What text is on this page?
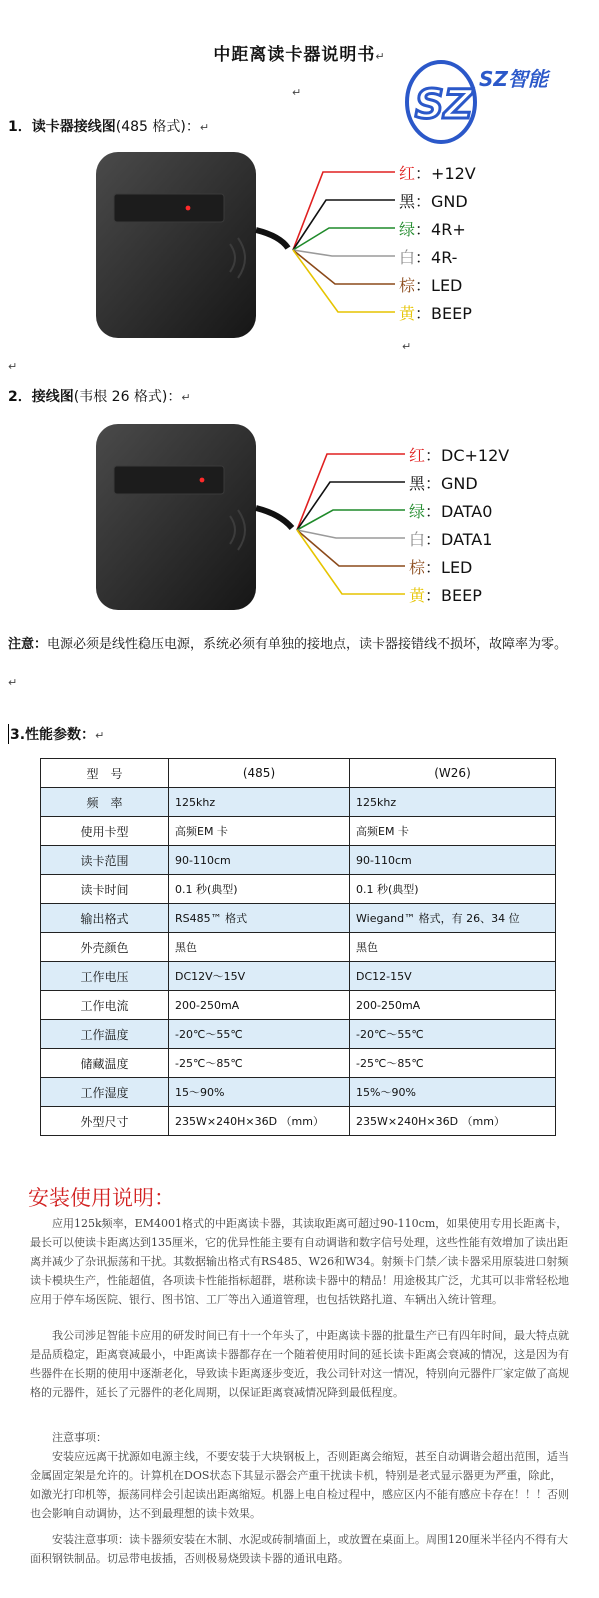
中距离读卡器说明书↵
SZ
SZ智能
1．读卡器接线图(485 格式)：↵
红：+12V
黑：GND
绿：4R+
白：4R-
棕：LED
黄：BEEP
2．接线图(韦根 26 格式)：↵
红：DC+12V
黑：GND
绿：DATA0
白：DATA1
棕：LED
黄：BEEP
注意：电源必须是线性稳压电源，系统必须有单独的接地点，读卡器接错线不损坏，故障率为零。
3.性能参数：↵
型　号	(485)	(W26)
频　率	125khz	125khz
使用卡型	高频EM 卡	高频EM 卡
读卡范围	90-110cm	90-110cm
读卡时间	0.1 秒(典型)	0.1 秒(典型)
输出格式	RS485™ 格式	Wiegand™ 格式，有 26、34 位
外壳颜色	黑色	黑色
工作电压	DC12V～15V	DC12-15V
工作电流	200-250mA	200-250mA
工作温度	-20℃～55℃	-20℃～55℃
储藏温度	-25℃～85℃	-25℃～85℃
工作湿度	15～90%	15%～90%
外型尺寸	235W×240H×36D （mm）	235W×240H×36D （mm）
安装使用说明：
应用125k频率，EM4001格式的中距离读卡器，其读取距离可超过90-110cm，如果使用专用长距离卡，最长可以使读卡距离达到135厘米，它的优异性能主要有自动调谐和数字信号处理，这些性能有效增加了读出距离并减少了杂讯振荡和干扰。其数据输出格式有RS485、W26和W34。射频卡门禁／读卡器采用原装进口射频读卡模块生产，性能超值，各项读卡性能指标超群，堪称读卡器中的精品！用途极其广泛，尤其可以非常轻松地应用于停车场医院、银行、图书馆、工厂等出入通道管理，也包括铁路扎道、车辆出入统计管理。
我公司涉足智能卡应用的研发时间已有十一个年头了，中距离读卡器的批量生产已有四年时间，最大特点就是品质稳定，距离衰减最小，中距离读卡器都存在一个随着使用时间的延长读卡距离会衰减的情况，这是因为有些器件在长期的使用中逐渐老化，导致读卡距离逐步变近，我公司针对这一情况，特别向元器件厂家定做了高规格的元器件，延长了元器件的老化周期，以保证距离衰减情况降到最低程度。
注意事项：
安装应远离干扰源如电源主线，不要安装于大块钢板上，否则距离会缩短，甚至自动调谐会超出范围，适当金属固定架是允许的。计算机在DOS状态下其显示器会产重干扰读卡机，特别是老式显示器更为严重，除此，如激光打印机等，振荡同样会引起读出距离缩短。机器上电自检过程中，感应区内不能有感应卡存在！！！否则也会影响自动调协，达不到最理想的读卡效果。
安装注意事项：读卡器须安装在木制、水泥或砖制墙面上，或放置在桌面上。周围120厘米半径内不得有大面积钢铁制品。切忌带电拔插，否则极易烧毁读卡器的通讯电路。
↵
↵
↵
↵
